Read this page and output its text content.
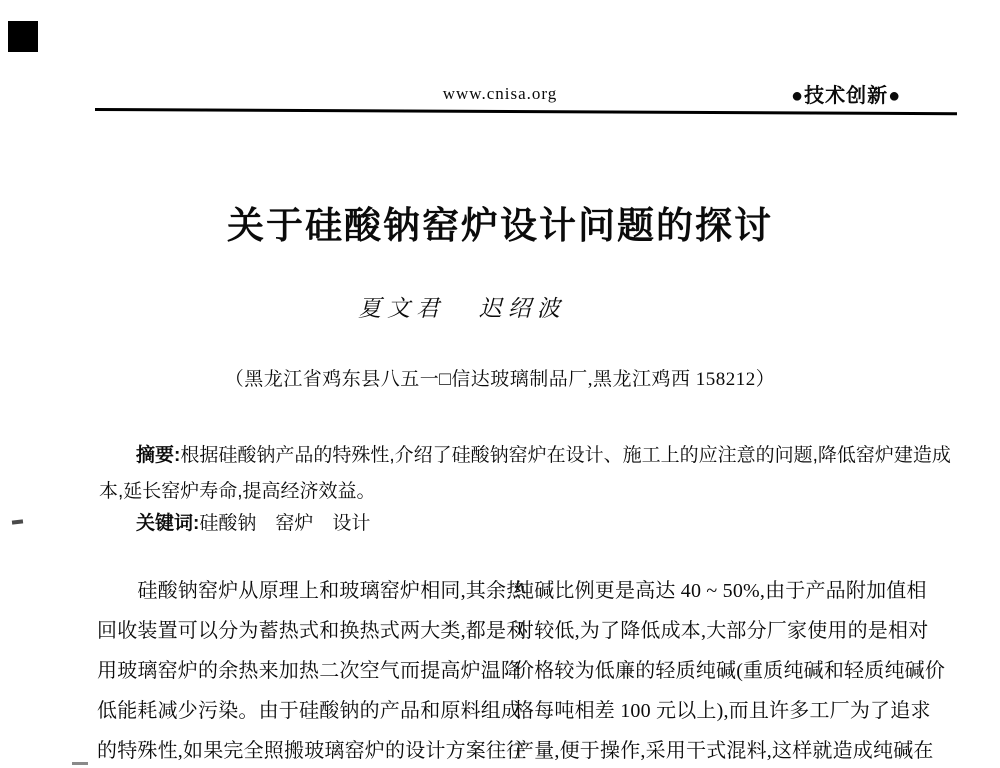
www.cnisa.org	●技术创新●
关于硅酸钠窑炉设计问题的探讨
夏文君 迟绍波
（黑龙江省鸡东县八五一□信达玻璃制品厂,黑龙江鸡西 158212）
摘要:根据硅酸钠产品的特殊性,介绍了硅酸钠窑炉在设计、施工上的应注意的问题,降低窑炉建造成
本,延长窑炉寿命,提高经济效益。
关键词:硅酸钠　窑炉　设计
　　硅酸钠窑炉从原理上和玻璃窑炉相同,其余热
回收装置可以分为蓄热式和换热式两大类,都是利
用玻璃窑炉的余热来加热二次空气而提高炉温降
低能耗减少污染。由于硅酸钠的产品和原料组成
的特殊性,如果完全照搬玻璃窑炉的设计方案往往
纯碱比例更是高达 40 ~ 50%,由于产品附加值相
对较低,为了降低成本,大部分厂家使用的是相对
价格较为低廉的轻质纯碱(重质纯碱和轻质纯碱价
格每吨相差 100 元以上),而且许多工厂为了追求
产量,便于操作,采用干式混料,这样就造成纯碱在
